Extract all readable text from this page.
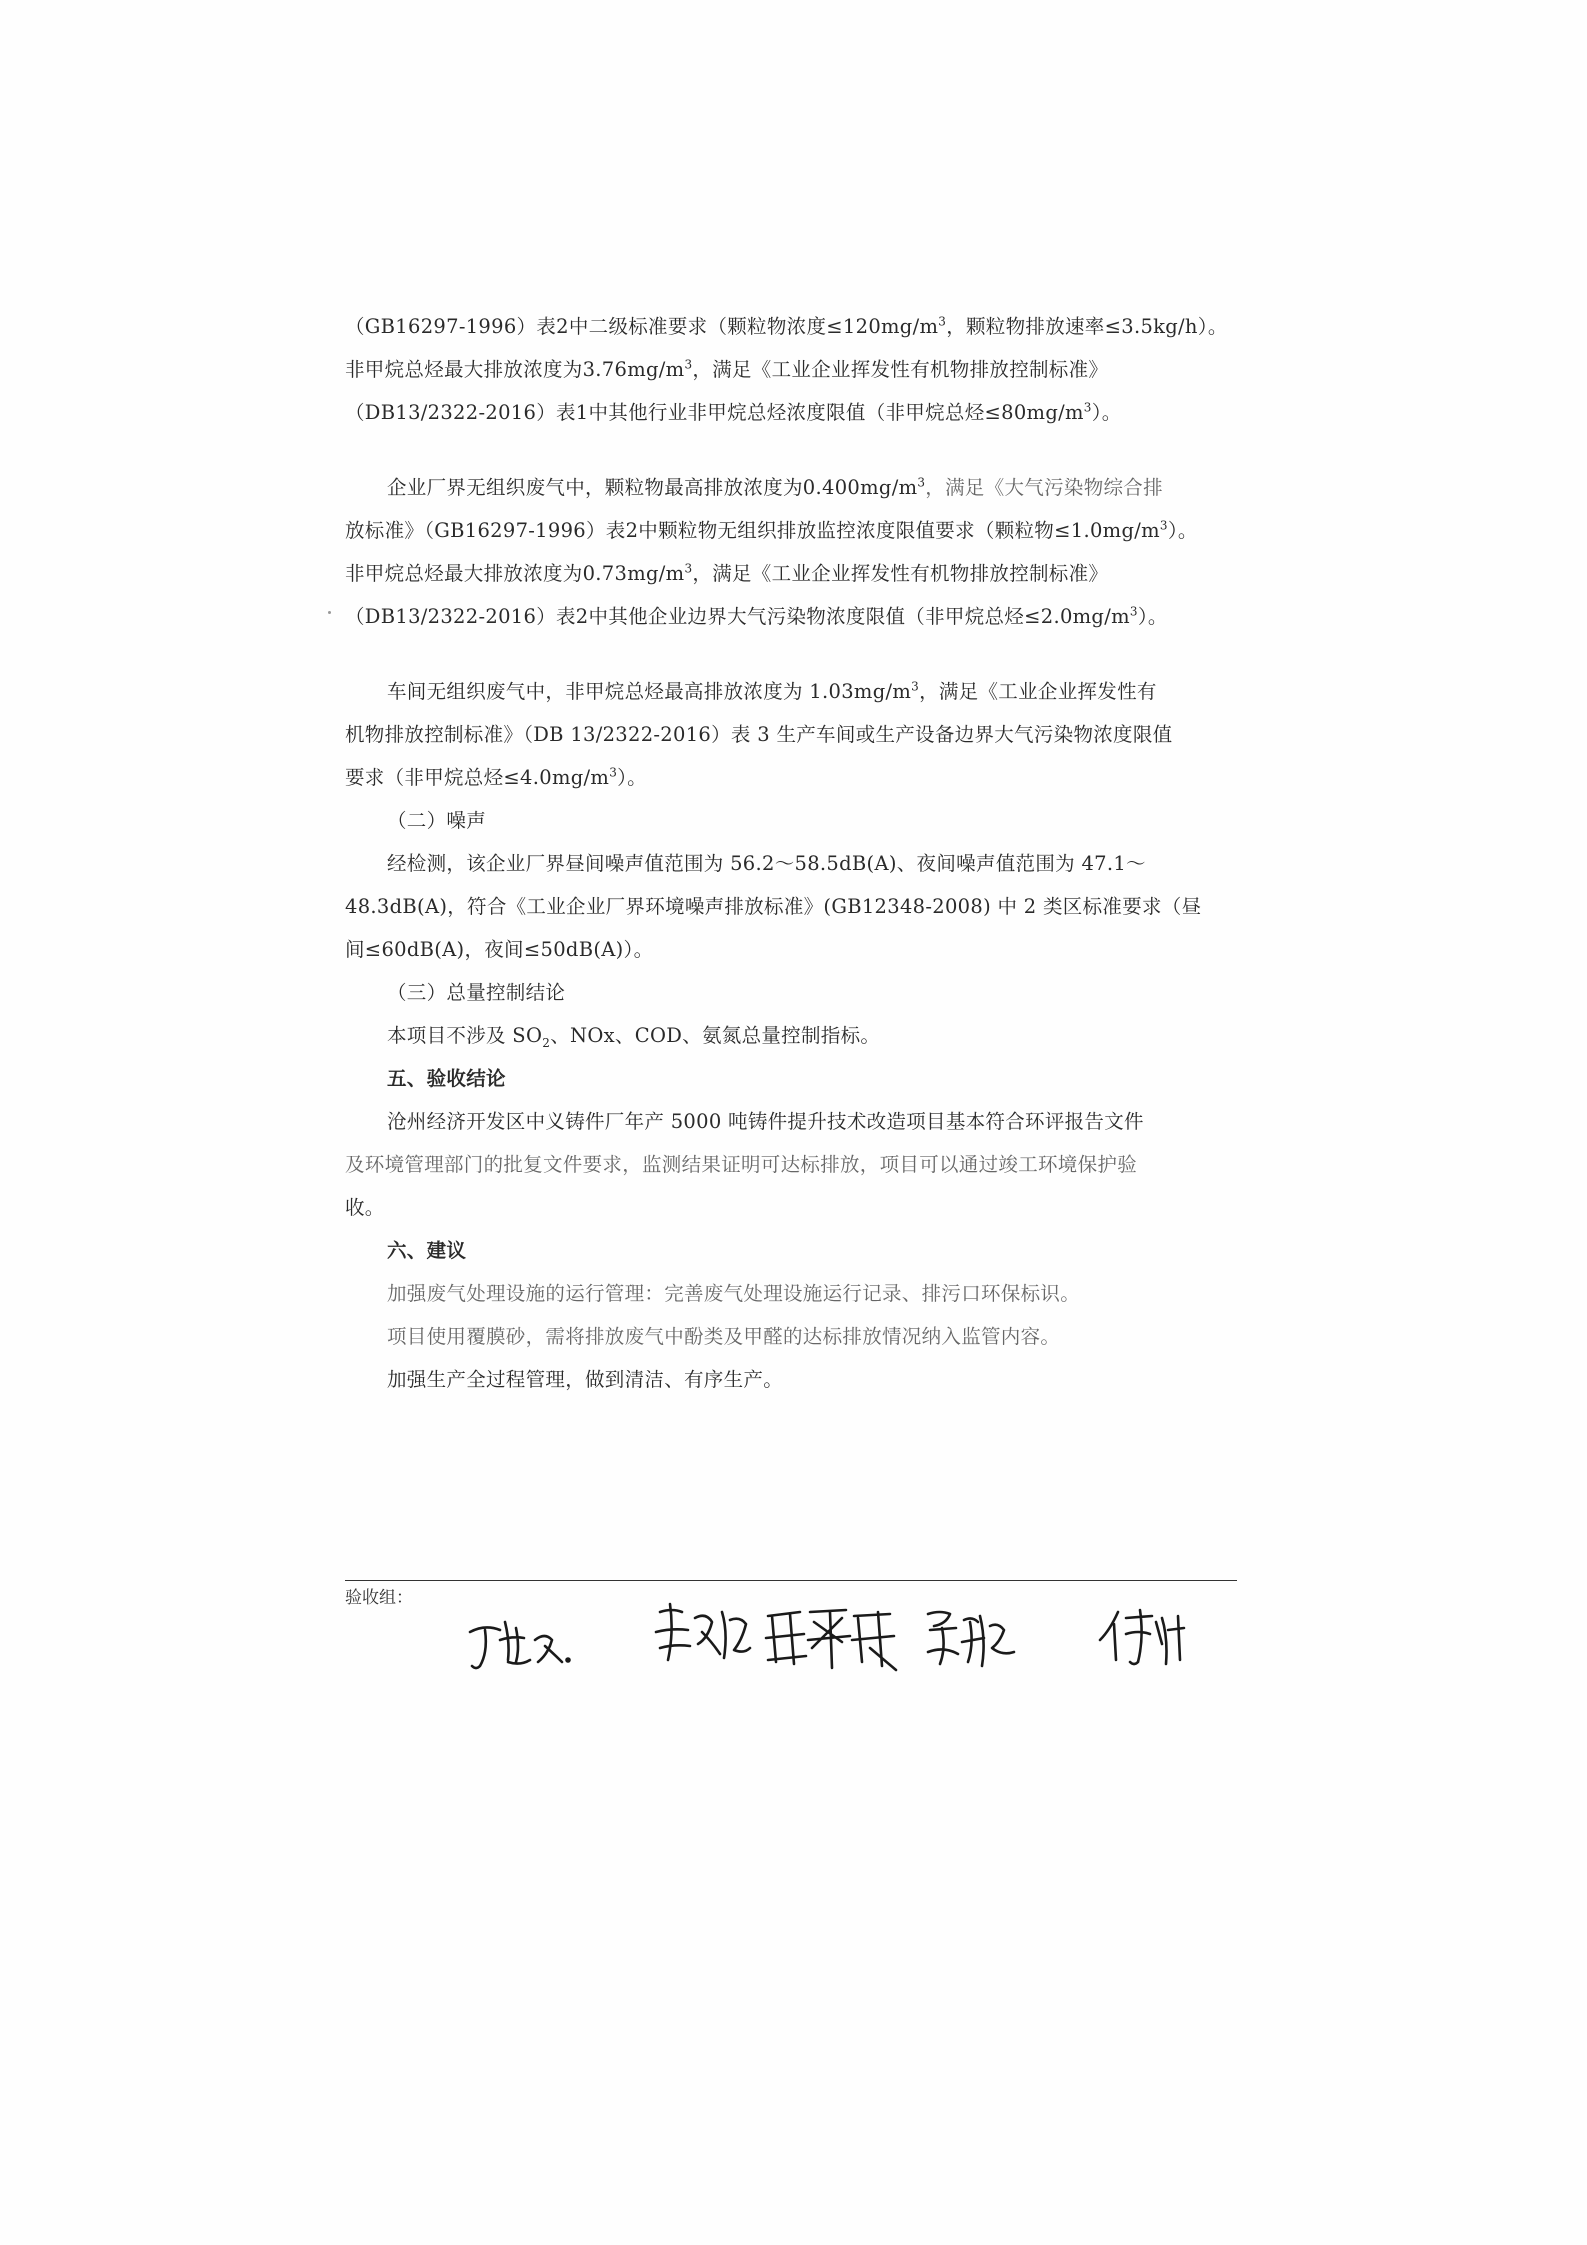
（GB16297-1996）表2中二级标准要求（颗粒物浓度$\le 120mg/m^3$，颗粒物排放速率≤3.5kg/h）。
非甲烷总烃最大排放浓度为$3.76mg/m^3$，满足《工业企业挥发性有机物排放控制标准》
（DB13/2322-2016）表1中其他行业非甲烷总烃浓度限值（非甲烷总烃$\le 80mg/m^3$）。
企业厂界无组织废气中，颗粒物最高排放浓度为$0.400mg/m^3$，满足《大气污染物综合排
放标准》（GB16297-1996）表2中颗粒物无组织排放监控浓度限值要求（颗粒物$\le 1.0mg/m^3$）。
非甲烷总烃最大排放浓度为$0.73mg/m^3$，满足《工业企业挥发性有机物排放控制标准》
（DB13/2322-2016）表2中其他企业边界大气污染物浓度限值（非甲烷总烃$\le 2.0mg/m^3$）。
车间无组织废气中，非甲烷总烃最高排放浓度为 $1.03mg/m^3$，满足《工业企业挥发性有
机物排放控制标准》（DB 13/2322-2016）表 3 生产车间或生产设备边界大气污染物浓度限值
要求（非甲烷总烃$\le 4.0mg/m^3$）。
（二）噪声
经检测，该企业厂界昼间噪声值范围为 56.2～58.5dB(A)、夜间噪声值范围为 47.1～
48.3dB(A)，符合《工业企业厂界环境噪声排放标准》(GB12348-2008) 中 2 类区标准要求（昼
间≤60dB(A)，夜间≤50dB(A)）。
（三）总量控制结论
本项目不涉及 $SO_2$、NOx、COD、氨氮总量控制指标。
五、验收结论
沧州经济开发区中义铸件厂年产 5000 吨铸件提升技术改造项目基本符合环评报告文件
及环境管理部门的批复文件要求，监测结果证明可达标排放，项目可以通过竣工环境保护验
收。
六、建议
加强废气处理设施的运行管理：完善废气处理设施运行记录、排污口环保标识。
项目使用覆膜砂，需将排放废气中酚类及甲醛的达标排放情况纳入监管内容。
加强生产全过程管理，做到清洁、有序生产。
验收组：
